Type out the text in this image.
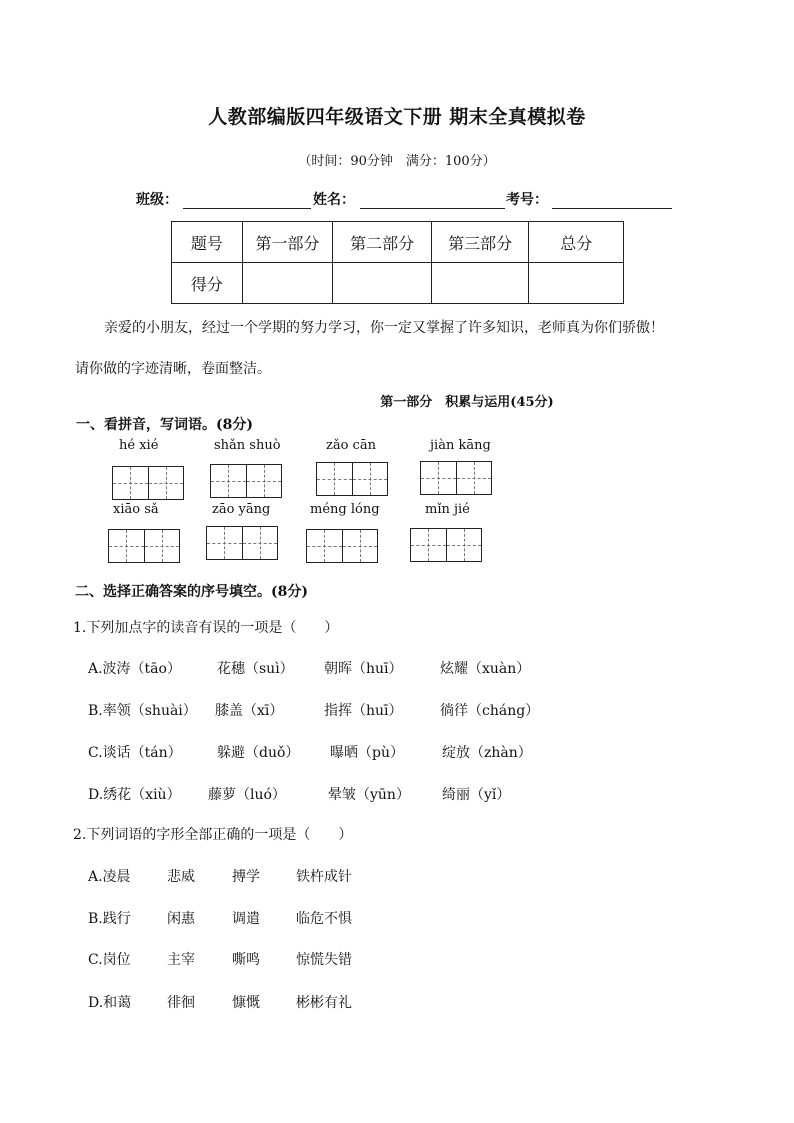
人教部编版四年级语文下册 期末全真模拟卷
（时间：90分钟　满分：100分）
班级：	姓名：	考号：
题号	第一部分	第二部分	第三部分	总分
得分				
亲爱的小朋友，经过一个学期的努力学习，你一定又掌握了许多知识，老师真为你们骄傲！
请你做的字迹清晰，卷面整洁。
第一部分　积累与运用(45分)
一、看拼音，写词语。(8分)
hé xié	shǎn shuò	zǎo cān	jiàn kāng
xiāo sǎ	zāo yāng	méng lóng	mǐn jié
二、选择正确答案的序号填空。(8分)
1.下列加点字的读音有误的一项是（　　）
A.波涛（tāo）	花穗（suì） 朝晖（huī）	炫耀（xuàn）
B.率领（shuài） 膝盖（xī）	指挥（huī）	徜徉（cháng）
C.谈话（tán）	躲避（duǒ） 曝晒（pù）	绽放（zhàn）
D.绣花（xiù） 藤萝（luó）	晕皱（yūn） 绮丽（yǐ）
2.下列词语的字形全部正确的一项是（　　）
A.凌晨	悲威	搏学	铁杵成针
B.践行	闲惠	调遣	临危不惧
C.岗位	主宰	嘶鸣	惊慌失错
D.和蔼	徘徊	慷慨	彬彬有礼
